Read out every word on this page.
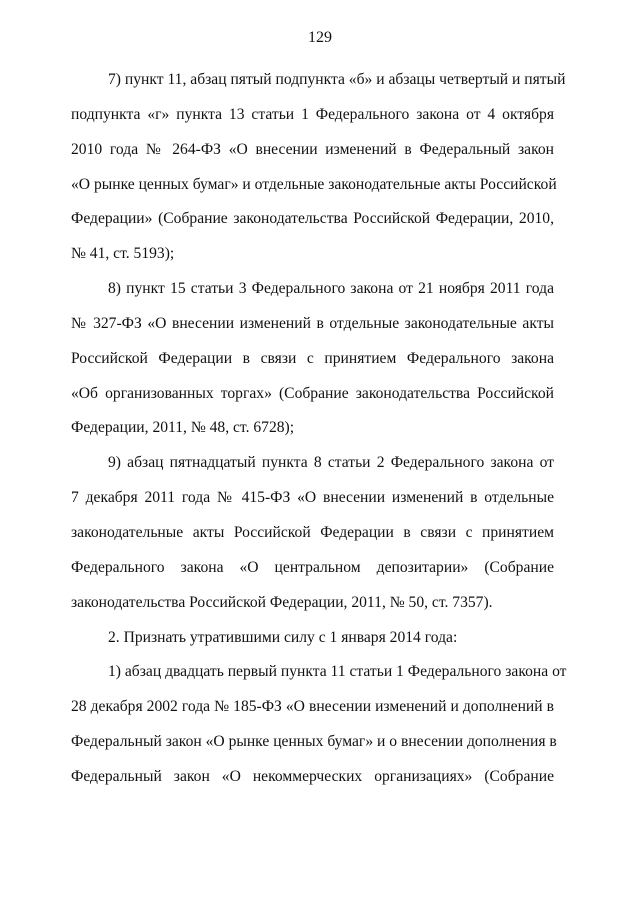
129
7) пункт 11, абзац пятый подпункта «б» и абзацы четвертый и пятый
подпункта «г» пункта 13 статьи 1 Федерального закона от 4 октября
2010 года № 264-ФЗ «О внесении изменений в Федеральный закон
«О рынке ценных бумаг» и отдельные законодательные акты Российской
Федерации» (Собрание законодательства Российской Федерации, 2010,
№ 41, ст. 5193);
8) пункт 15 статьи 3 Федерального закона от 21 ноября 2011 года
№ 327-ФЗ «О внесении изменений в отдельные законодательные акты
Российской Федерации в связи с принятием Федерального закона
«Об организованных торгах» (Собрание законодательства Российской
Федерации, 2011, № 48, ст. 6728);
9) абзац пятнадцатый пункта 8 статьи 2 Федерального закона от
7 декабря 2011 года № 415-ФЗ «О внесении изменений в отдельные
законодательные акты Российской Федерации в связи с принятием
Федерального закона «О центральном депозитарии» (Собрание
законодательства Российской Федерации, 2011, № 50, ст. 7357).
2. Признать утратившими силу с 1 января 2014 года:
1) абзац двадцать первый пункта 11 статьи 1 Федерального закона от
28 декабря 2002 года № 185-ФЗ «О внесении изменений и дополнений в
Федеральный закон «О рынке ценных бумаг» и о внесении дополнения в
Федеральный закон «О некоммерческих организациях» (Собрание
